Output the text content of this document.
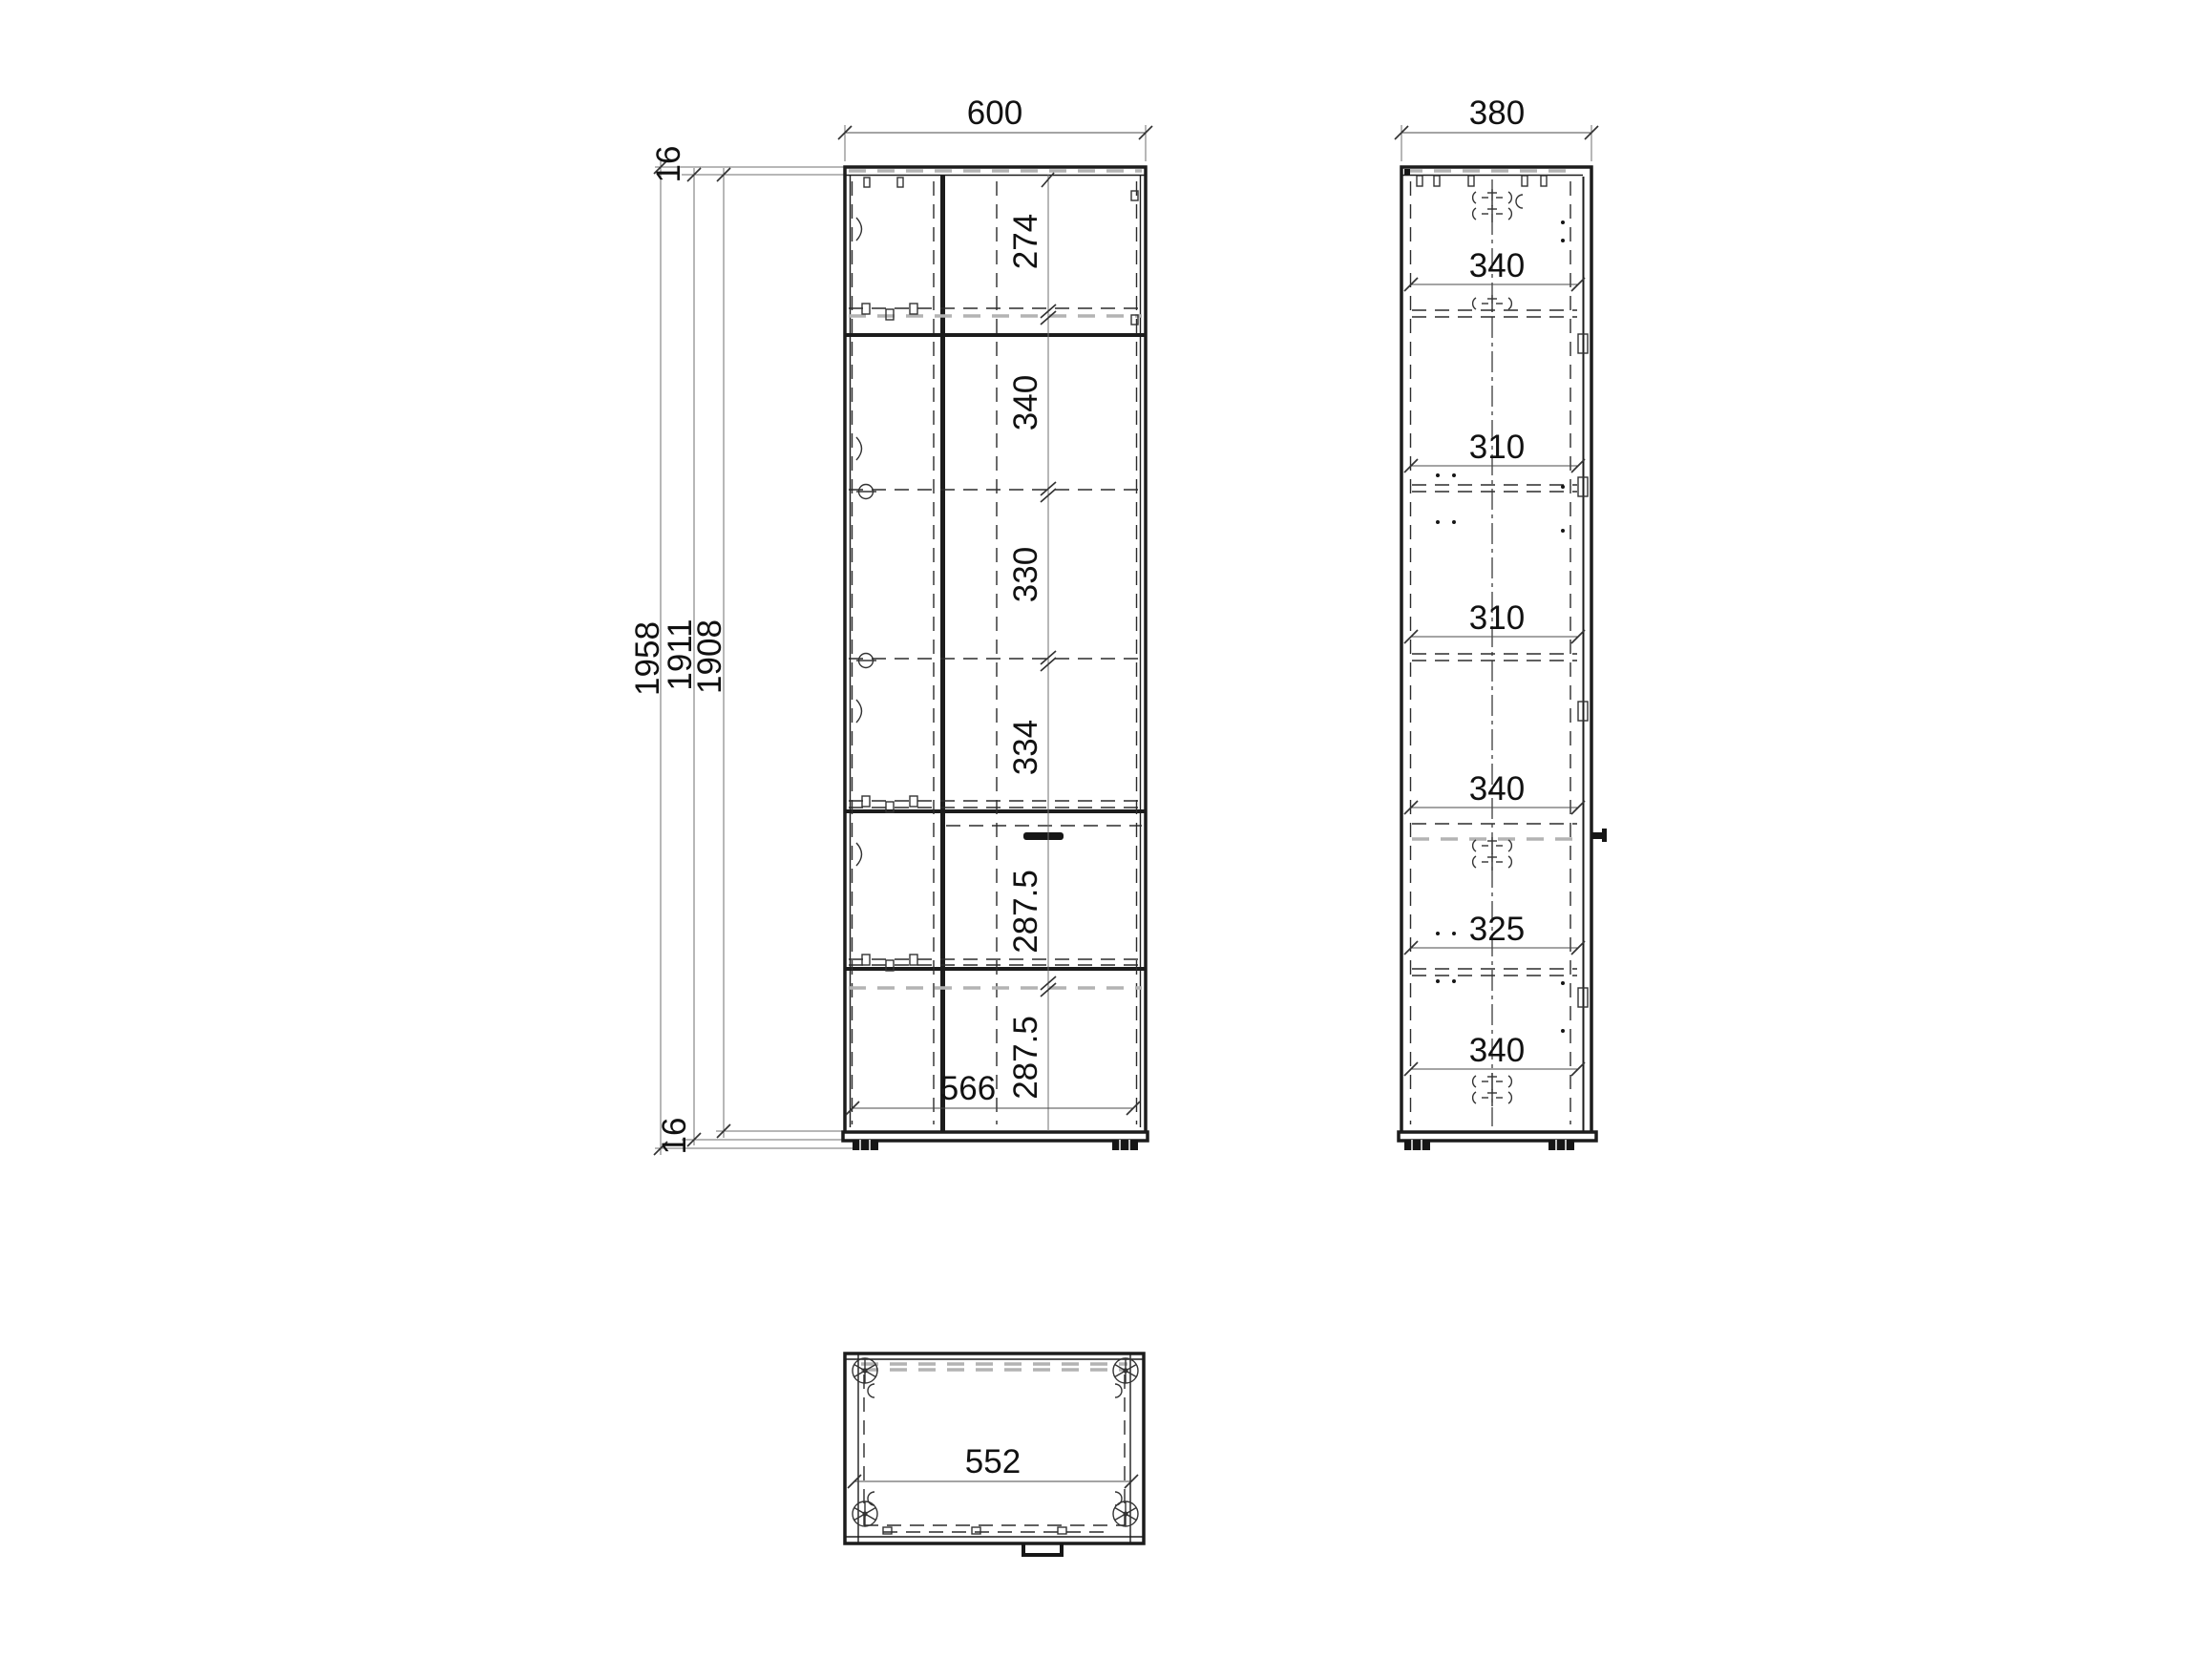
600
16
1958
1911
1908
16
274
340
330
334
287.5
287.5
566
380
340
310
310
340
325
340
552
